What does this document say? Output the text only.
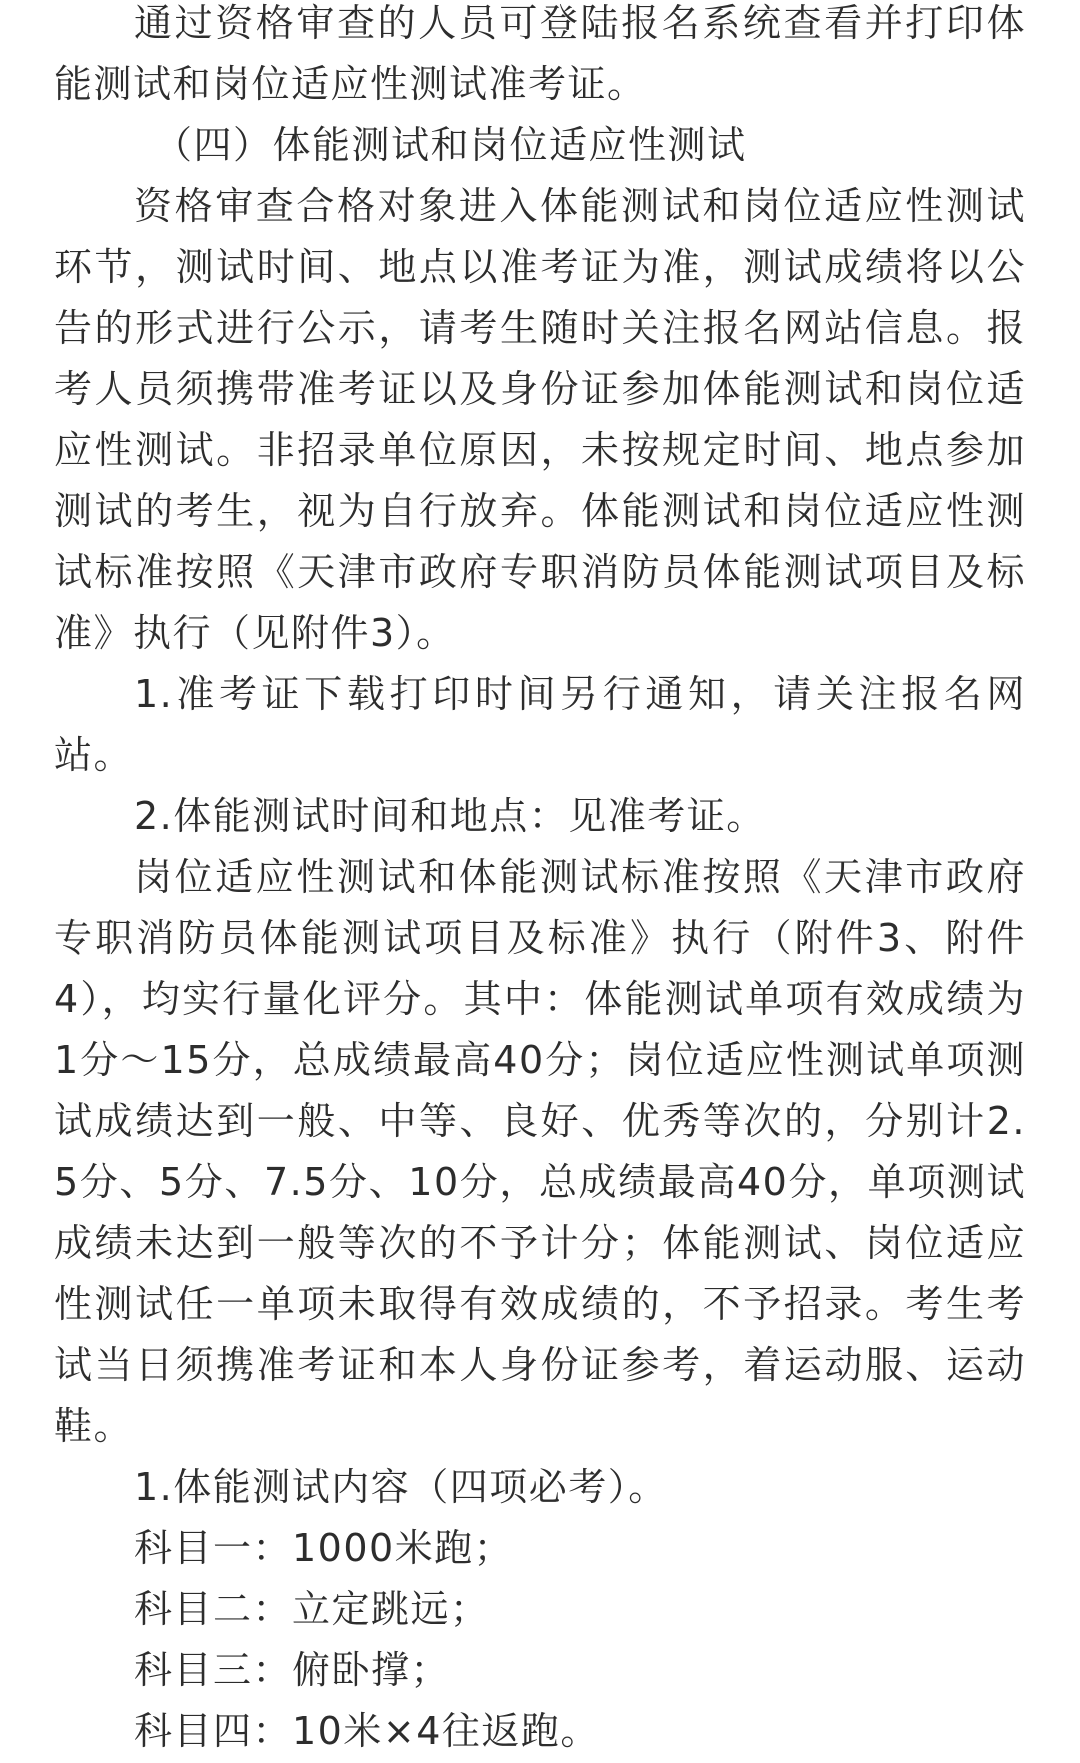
通过资格审查的人员可登陆报名系统查看并打印体能测试和岗位适应性测试准考证。

（四）体能测试和岗位适应性测试

资格审查合格对象进入体能测试和岗位适应性测试环节，测试时间、地点以准考证为准，测试成绩将以公告的形式进行公示，请考生随时关注报名网站信息。报考人员须携带准考证以及身份证参加体能测试和岗位适应性测试。非招录单位原因，未按规定时间、地点参加测试的考生，视为自行放弃。体能测试和岗位适应性测试标准按照《天津市政府专职消防员体能测试项目及标准》执行（见附件3）。

1.准考证下载打印时间另行通知，请关注报名网站。

2.体能测试时间和地点：见准考证。

岗位适应性测试和体能测试标准按照《天津市政府专职消防员体能测试项目及标准》执行（附件3、附件4），均实行量化评分。其中：体能测试单项有效成绩为1分～15分，总成绩最高40分；岗位适应性测试单项测试成绩达到一般、中等、良好、优秀等次的，分别计2.5分、5分、7.5分、10分，总成绩最高40分，单项测试成绩未达到一般等次的不予计分；体能测试、岗位适应性测试任一单项未取得有效成绩的，不予招录。考生考试当日须携准考证和本人身份证参考，着运动服、运动鞋。

1.体能测试内容（四项必考）。

科目一：1000米跑；

科目二：立定跳远；

科目三：俯卧撑；

科目四：10米×4往返跑。
